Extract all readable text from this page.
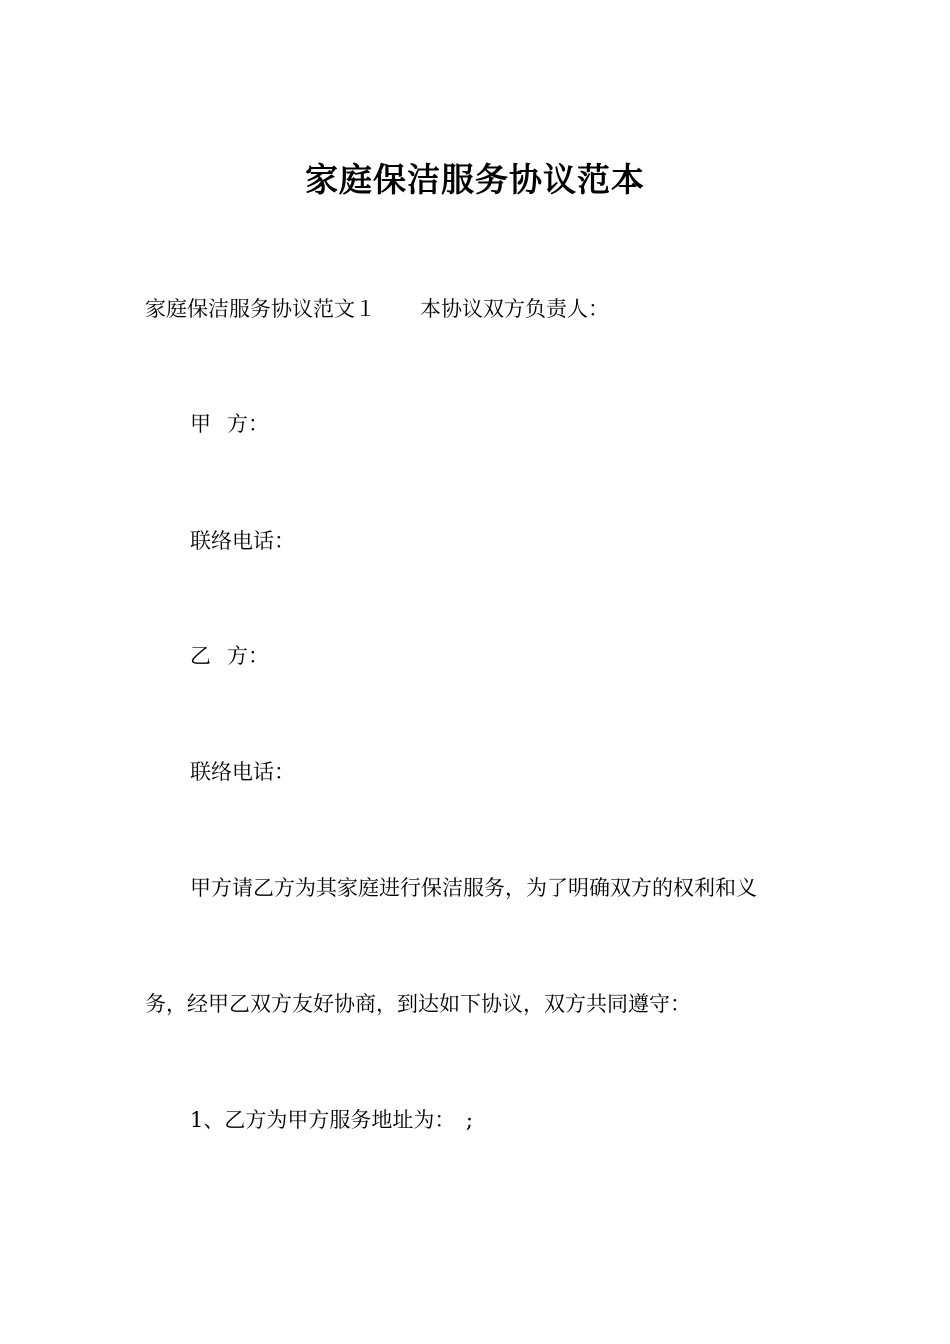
家庭保洁服务协议范本
家庭保洁服务协议范文１ 本协议双方负责人：
甲 方：
联络电话：
乙 方：
联络电话：
甲方请乙方为其家庭进行保洁服务，为了明确双方的权利和义
务，经甲乙双方友好协商，到达如下协议，双方共同遵守：
1、乙方为甲方服务地址为：　;
